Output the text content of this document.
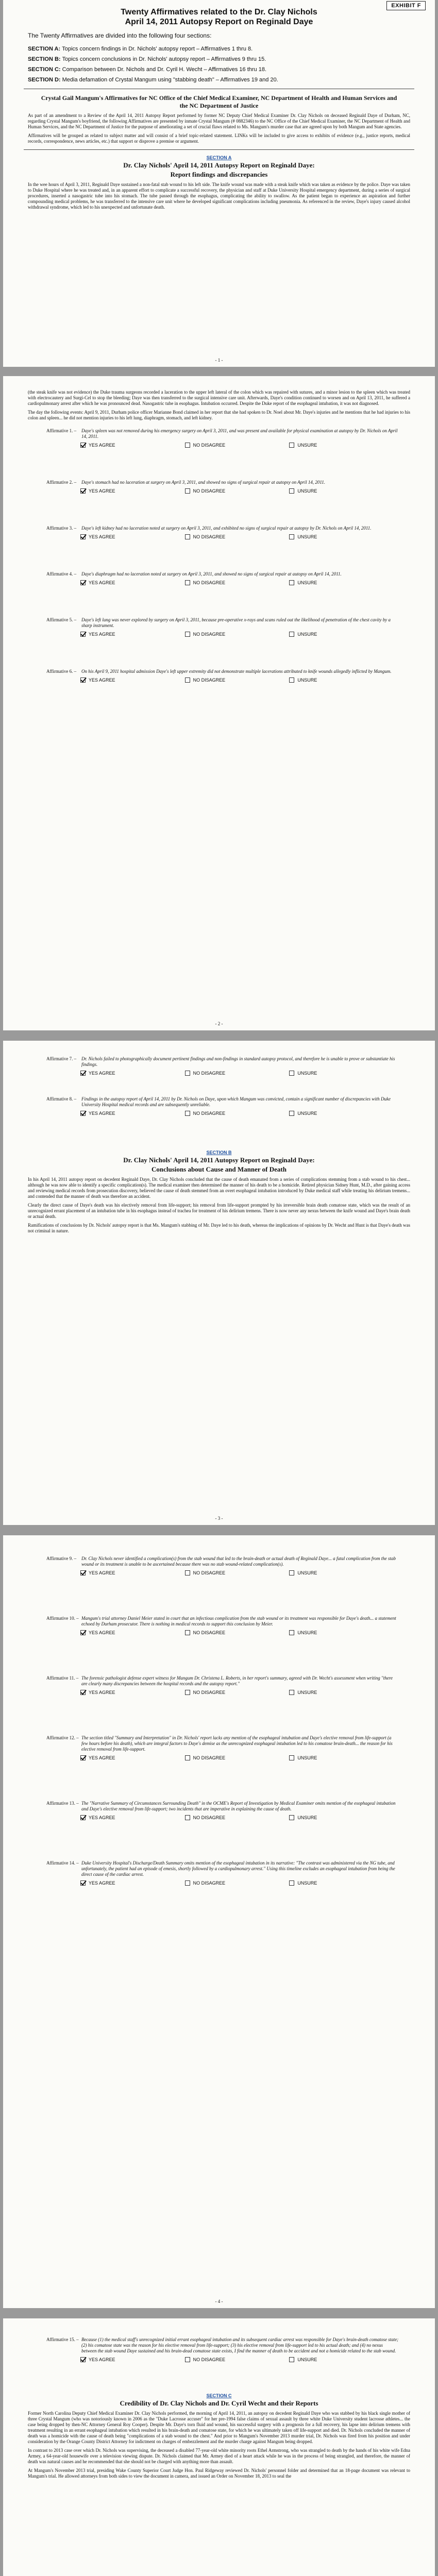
EXHIBIT F
Twenty Affirmatives related to the Dr. Clay Nichols
April 14, 2011 Autopsy Report on Reginald Daye
The Twenty Affirmatives are divided into the following four sections:
SECTION A: Topics concern findings in Dr. Nichols' autopsy report – Affirmatives 1 thru 8.
SECTION B: Topics concern conclusions in Dr. Nichols' autopsy report – Affirmatives 9 thru 15.
SECTION C: Comparison between Dr. Nichols and Dr. Cyril H. Wecht – Affirmatives 16 thru 18.
SECTION D: Media defamation of Crystal Mangum using "stabbing death" – Affirmatives 19 and 20.
Crystal Gail Mangum's Affirmatives for NC Office of the Chief Medical Examiner, NC Department of Health and Human Services and the NC Department of Justice
As part of an amendment to a Review of the April 14, 2011 Autopsy Report performed by former NC Deputy Chief Medical Examiner Dr. Clay Nichols on deceased Reginald Daye of Durham, NC, regarding Crystal Mangum's boyfriend, the following Affirmatives are presented by inmate Crystal Mangum (# 0882346) to the NC Office of the Chief Medical Examiner, the NC Department of Health and Human Services, and the NC Department of Justice for the purpose of ameliorating a set of crucial flaws related to Ms. Mangum's murder case that are agreed upon by both Mangum and State agencies.
Affirmatives will be grouped as related to subject matter and will consist of a brief topic-related statement. LINKs will be included to give access to exhibits of evidence (e.g., justice reports, medical records, correspondence, news articles, etc.) that support or disprove a premise or argument.
SECTION A
Dr. Clay Nichols' April 14, 2011 Autopsy Report on Reginald Daye:
Report findings and discrepancies
In the wee hours of April 3, 2011, Reginald Daye sustained a non-fatal stab wound to his left side. The knife wound was made with a steak knife which was taken as evidence by the police. Daye was taken to Duke Hospital where he was treated and, in an apparent effort to complicate a successful recovery, the physician and staff at Duke University Hospital emergency department, during a series of surgical procedures, inserted a nasogastric tube into his stomach. The tube passed through the esophagus, complicating the ability to swallow. As the patient began to experience an aspiration and further compounding medical problems, he was transferred to the intensive care unit where he developed significant complications including pneumonia. As referenced in the review, Daye's injury caused alcohol withdrawal syndrome, which led to his unexpected and unfortunate death.
- 1 -
(the steak knife was not evidence) the Duke trauma surgeons recorded a laceration to the upper left lateral of the colon which was repaired with sutures, and a minor lesion to the spleen which was treated with electrocautery and Surgi-Cel to stop the bleeding; Daye was then transferred to the surgical intensive care unit. Afterwards, Daye's condition continued to worsen and on April 13, 2011, he suffered a cardiopulmonary arrest after which he was pronounced dead. Nasogastric tube in esophagus. Intubation occurred. Despite the Duke report of the esophageal intubation, it was not diagnosed.
The day the following events: April 9, 2011, Durham police officer Marianne Bond claimed in her report that she had spoken to Dr. Noel about Mr. Daye's injuries and he mentions that he had injuries to his colon and spleen... he did not mention injuries to his left lung, diaphragm, stomach, and left kidney.
Affirmative 1. –	Daye's spleen was not removed during his emergency surgery on April 3, 2011, and was present and available for physical examination at autopsy by Dr. Nichols on April 14, 2011.
YES AGREE	NO DISAGREE	UNSURE
Affirmative 2. –	Daye's stomach had no laceration at surgery on April 3, 2011, and showed no signs of surgical repair at autopsy on April 14, 2011.
YES AGREE	NO DISAGREE	UNSURE
Affirmative 3. –	Daye's left kidney had no laceration noted at surgery on April 3, 2011, and exhibited no signs of surgical repair at autopsy by Dr. Nichols on April 14, 2011.
YES AGREE	NO DISAGREE	UNSURE
Affirmative 4. –	Daye's diaphragm had no laceration noted at surgery on April 3, 2011, and showed no signs of surgical repair at autopsy on April 14, 2011.
YES AGREE	NO DISAGREE	UNSURE
Affirmative 5. –	Daye's left lung was never explored by surgery on April 3, 2011, because pre-operative x-rays and scans ruled out the likelihood of penetration of the chest cavity by a sharp instrument.
YES AGREE	NO DISAGREE	UNSURE
Affirmative 6. –	On his April 9, 2011 hospital admission Daye's left upper extremity did not demonstrate multiple lacerations attributed to knife wounds allegedly inflicted by Mangum.
YES AGREE	NO DISAGREE	UNSURE
- 2 -
Affirmative 7. –	Dr. Nichols failed to photographically document pertinent findings and non-findings in standard autopsy protocol, and therefore he is unable to prove or substantiate his findings.
YES AGREE	NO DISAGREE	UNSURE
Affirmative 8. –	Findings in the autopsy report of April 14, 2011 by Dr. Nichols on Daye, upon which Mangum was convicted, contain a significant number of discrepancies with Duke University Hospital medical records and are subsequently unreliable.
YES AGREE	NO DISAGREE	UNSURE
SECTION B
Dr. Clay Nichols' April 14, 2011 Autopsy Report on Reginald Daye:
Conclusions about Cause and Manner of Death
In his April 14, 2011 autopsy report on decedent Reginald Daye, Dr. Clay Nichols concluded that the cause of death emanated from a series of complications stemming from a stab wound to his chest... although he was now able to identify a specific complication(s). The medical examiner then determined the manner of his death to be a homicide. Retired physician Sidney Hunt, M.D., after gaining access and reviewing medical records from prosecution discovery, believed the cause of death stemmed from an overt esophageal intubation introduced by Duke medical staff while treating his delirium tremens... and contended that the manner of death was therefore an accident.
Clearly the direct cause of Daye's death was his electively removal from life-support; his removal from life-support prompted by his irreversible brain death comatose state, which was the result of an unrecognized errant placement of an intubation tube in his esophagus instead of trachea for treatment of his delirium tremens. There is now never any nexus between the knife wound and Daye's brain death or actual death.
Ramifications of conclusions by Dr. Nichols' autopsy report is that Ms. Mangum's stabbing of Mr. Daye led to his death, whereas the implications of opinions by Dr. Wecht and Hunt is that Daye's death was not criminal in nature.
- 3 -
Affirmative 9. –	Dr. Clay Nichols never identified a complication(s) from the stab wound that led to the brain-death or actual death of Reginald Daye... a fatal complication from the stab wound or its treatment is unable to be ascertained because there was no stab wound-related complication(s).
YES AGREE	NO DISAGREE	UNSURE
Affirmative 10. – Mangum's trial attorney Daniel Meier stated in court that an infectious complication from the stab wound or its treatment was responsible for Daye's death... a statement echoed by Durham prosecutor. There is nothing in medical records to support this conclusion by Meier.
YES AGREE	NO DISAGREE	UNSURE
Affirmative 11. – The forensic pathologist defense expert witness for Mangum Dr. Christena L. Roberts, in her report's summary, agreed with Dr. Wecht's assessment when writing "there are clearly many discrepancies between the hospital records and the autopsy report."
YES AGREE	NO DISAGREE	UNSURE
Affirmative 12. – The section titled "Summary and Interpretation" in Dr. Nichols' report lacks any mention of the esophageal intubation and Daye's elective removal from life-support (a few hours before his death), which are integral factors to Daye's demise as the unrecognized esophageal intubation led to his comatose brain-death... the reason for his elective removal from life-support.
YES AGREE	NO DISAGREE	UNSURE
Affirmative 13. – The "Narrative Summary of Circumstances Surrounding Death" in the OCME's Report of Investigation by Medical Examiner omits mention of the esophageal intubation and Daye's elective removal from life-support; two incidents that are imperative in explaining the cause of death.
YES AGREE	NO DISAGREE	UNSURE
Affirmative 14. – Duke University Hospital's Discharge/Death Summary omits mention of the esophageal intubation in its narrative: "The contrast was administered via the NG tube, and unfortunately, the patient had an episode of emesis, shortly followed by a cardiopulmonary arrest." Using this timeline excludes an esophageal intubation from being the direct cause of the cardiac arrest.
YES AGREE	NO DISAGREE	UNSURE
- 4 -
Affirmative 15. – Because (1) the medical staff's unrecognized initial errant esophageal intubation and its subsequent cardiac arrest was responsible for Daye's brain-death comatose state; (2) his comatose state was the reason for his elective removal from life-support; (3) his elective removal from life-support led to his actual death; and (4) no nexus between the stab wound Daye sustained and his brain-dead comatose state exists, I find the manner of death to be accident and not a homicide related to the stab wound.
YES AGREE	NO DISAGREE	UNSURE
SECTION C
Credibility of Dr. Clay Nichols and Dr. Cyril Wecht and their Reports
Former North Carolina Deputy Chief Medical Examiner Dr. Clay Nichols performed, the morning of April 14, 2011, an autopsy on decedent Reginald Daye who was stabbed by his black single mother of three Crystal Mangum (who was notoriously known in 2006 as the "Duke Lacrosse accuser" for her pre-1994 false claims of sexual assault by three white Duke University student lacrosse athletes... the case being dropped by then-NC Attorney General Roy Cooper). Despite Mr. Daye's torn fluid and wound, his successful surgery with a prognosis for a full recovery, his lapse into delirium tremens with treatment resulting in an errant esophageal intubation which resulted in his brain-death and comatose state, for which he was ultimately taken off life-support and died. Dr. Nichols concluded the manner of death was a homicide with the cause of death being "complications of a stab wound to the chest." And prior to Mangum's November 2013 murder trial, Dr. Nichols was fired from his position and under consideration by the Orange County District Attorney for indictment on charges of embezzlement and the murder charge against Mangum being dropped.
In contrast to 2013 case over which Dr. Nichols was supervising, the deceased a disabled 77-year-old white minority roots Ethel Armstrong, who was strangled to death by the hands of his white wife Edna Armey, a 64-year-old housewife over a television viewing dispute. Dr. Nichols claimed that Mr. Armey died of a heart attack while he was in the process of being strangled, and therefore, the manner of death was natural causes and he recommended that she should not be charged with anything more than assault.
At Mangum's November 2013 trial, presiding Wake County Superior Court Judge Hon. Paul Ridgeway reviewed Dr. Nichols' personnel folder and determined that an 18-page document was relevant to Mangum's trial. He allowed attorneys from both sides to view the document in camera, and issued an Order on November 18, 2013 to seal the
